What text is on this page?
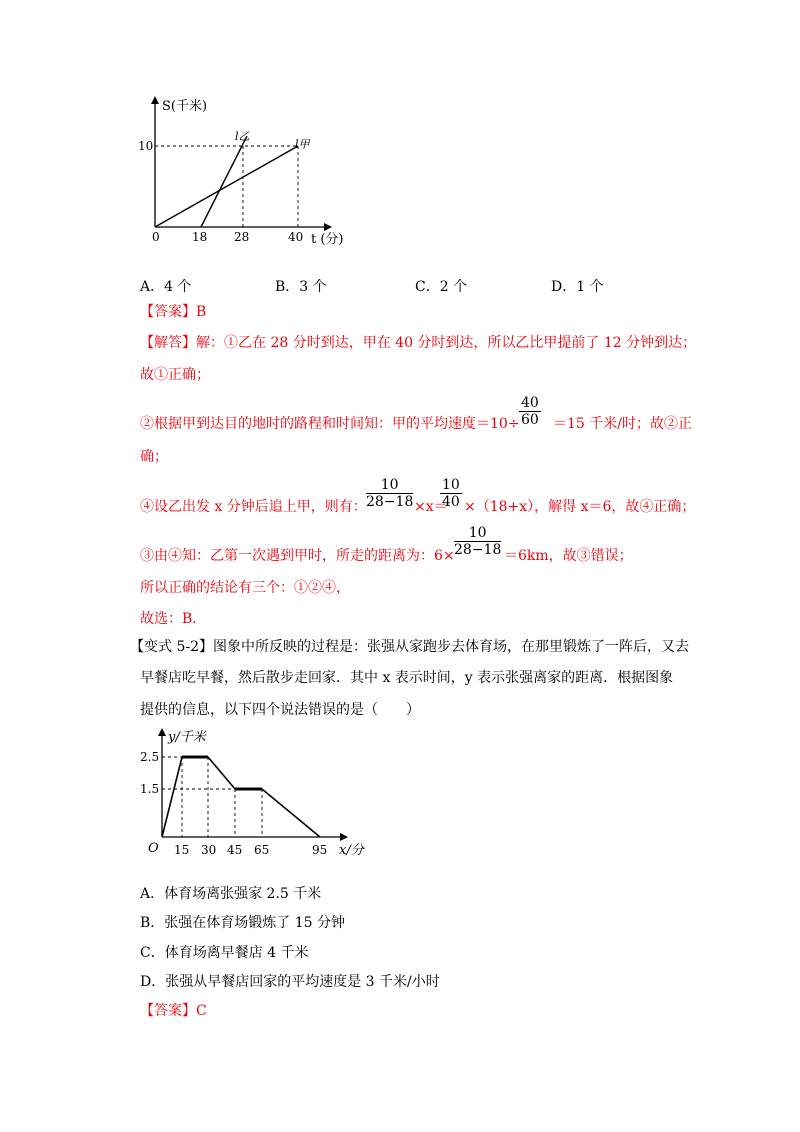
S(千米)
10
l乙
l甲
0	18 28	40 t (分)
A．4 个	B．3 个	C．2 个	D．1 个
【答案】B
【解答】解：①乙在 28 分时到达，甲在 40 分时到达，所以乙比甲提前了 12 分钟到达；
故①正确；
②根据甲到达目的地时的路程和时间知：甲的平均速度$=10\div \frac{40}{60} =15$ 千米/时；故②正
确；
④设乙出发 x 分钟后追上甲，则有： $\frac{10}{28-18} \times x=$
$\frac{10}{40} \times(18+x)$，解得 x＝6，故④正确；
③由④知：乙第一次遇到甲时，所走的距离为：$6\times \frac{10}{28-18} =6km$，故③错误；
所以正确的结论有三个：①②④，
故选：B．
【变式 5-2】图象中所反映的过程是：张强从家跑步去体育场，在那里锻炼了一阵后，又去
早餐店吃早餐，然后散步走回家．其中 x 表示时间，y 表示张强离家的距离．根据图象
提供的信息，以下四个说法错误的是（　　）
y/千米
2.5
1.5
O 15 30 45 65	95 x/分
A．体育场离张强家 2.5 千米
B．张强在体育场锻炼了 15 分钟
C．体育场离早餐店 4 千米
D．张强从早餐店回家的平均速度是 3 千米/小时
【答案】C
